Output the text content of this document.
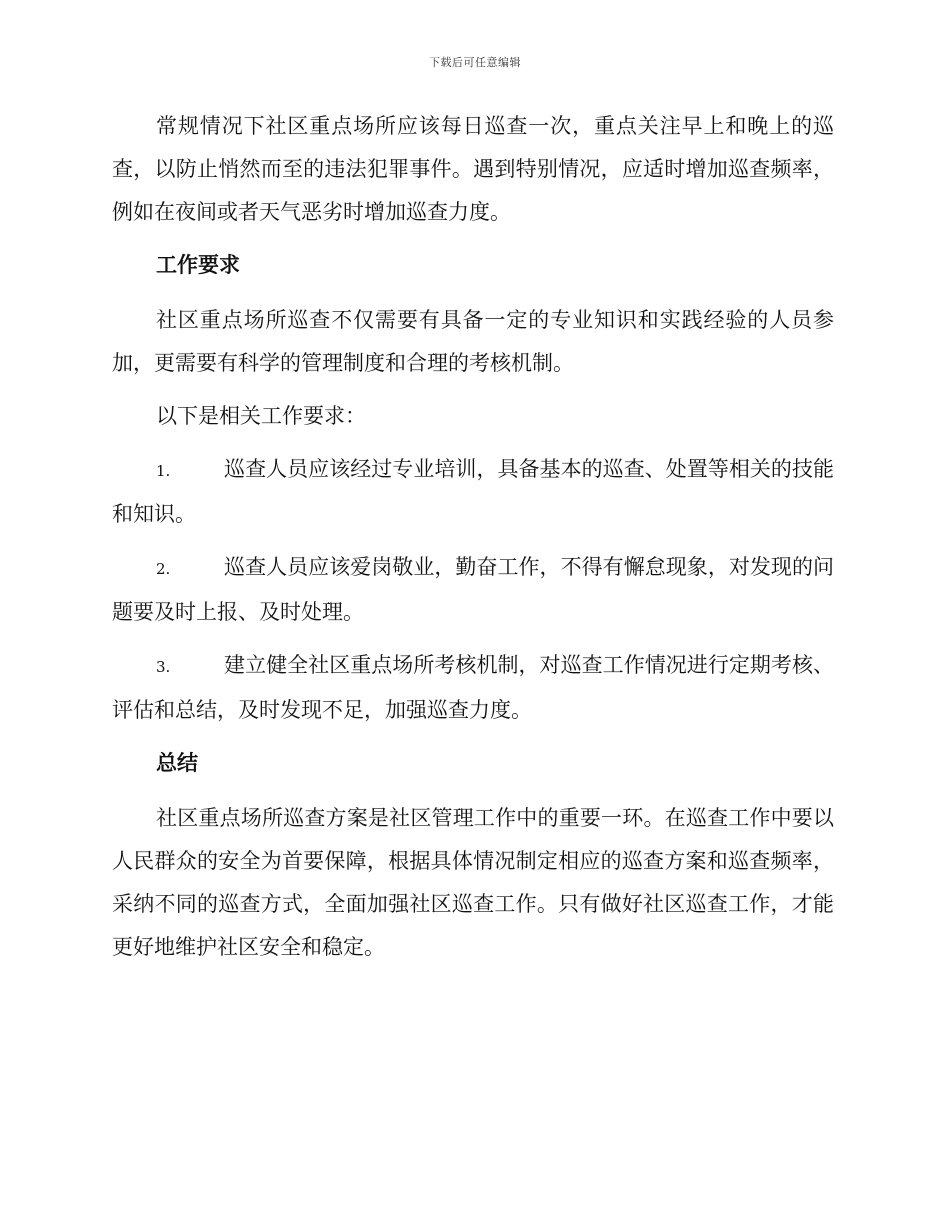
下载后可任意编辑

常规情况下社区重点场所应该每日巡查一次，重点关注早上和晚上的巡查，以防止悄然而至的违法犯罪事件。遇到特别情况，应适时增加巡查频率，例如在夜间或者天气恶劣时增加巡查力度。

工作要求

社区重点场所巡查不仅需要有具备一定的专业知识和实践经验的人员参加，更需要有科学的管理制度和合理的考核机制。

以下是相关工作要求：

1.	巡查人员应该经过专业培训，具备基本的巡查、处置等相关的技能和知识。

2.	巡查人员应该爱岗敬业，勤奋工作，不得有懈怠现象，对发现的问题要及时上报、及时处理。

3.	建立健全社区重点场所考核机制，对巡查工作情况进行定期考核、评估和总结，及时发现不足，加强巡查力度。

总结

社区重点场所巡查方案是社区管理工作中的重要一环。在巡查工作中要以人民群众的安全为首要保障，根据具体情况制定相应的巡查方案和巡查频率，采纳不同的巡查方式，全面加强社区巡查工作。只有做好社区巡查工作，才能更好地维护社区安全和稳定。
